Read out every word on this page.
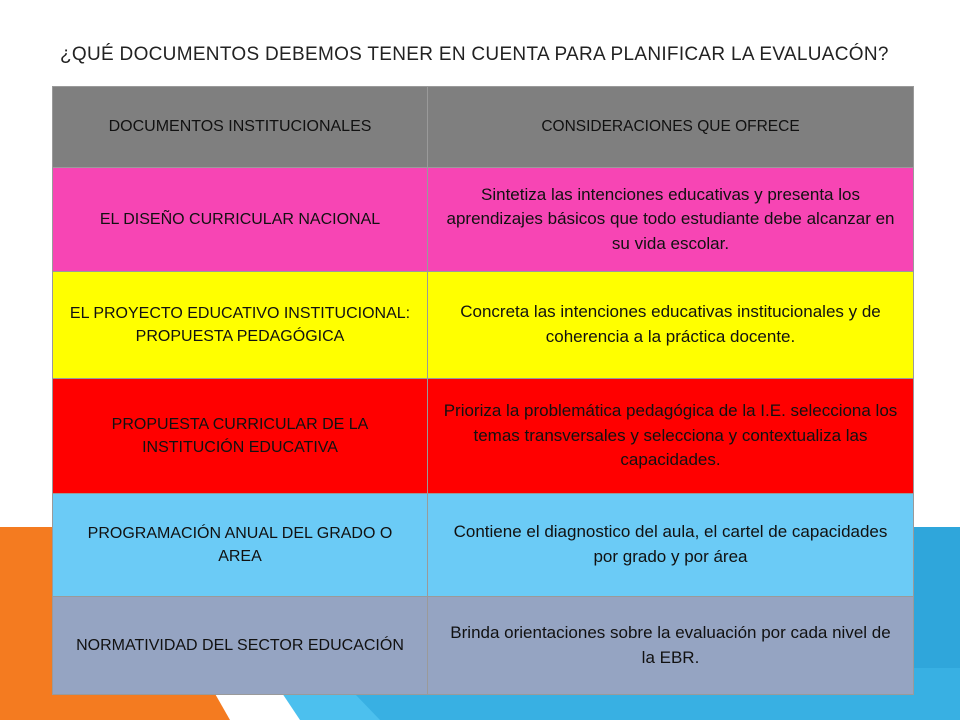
¿QUÉ DOCUMENTOS DEBEMOS TENER EN CUENTA PARA PLANIFICAR LA EVALUACÓN?
DOCUMENTOS INSTITUCIONALES	CONSIDERACIONES QUE OFRECE
EL DISEÑO CURRICULAR NACIONAL	Sintetiza las intenciones educativas y presenta los aprendizajes básicos que todo estudiante debe alcanzar en su vida escolar.
EL PROYECTO EDUCATIVO INSTITUCIONAL: PROPUESTA PEDAGÓGICA	Concreta las intenciones educativas institucionales y de coherencia a la práctica docente.
PROPUESTA CURRICULAR DE LA INSTITUCIÓN EDUCATIVA	Prioriza la problemática pedagógica de la I.E. selecciona los temas transversales y selecciona y contextualiza las capacidades.
PROGRAMACIÓN ANUAL DEL GRADO O AREA	Contiene el diagnostico del aula, el cartel de capacidades por grado y por área
NORMATIVIDAD DEL SECTOR EDUCACIÓN	Brinda orientaciones sobre la evaluación por cada nivel de la EBR.
